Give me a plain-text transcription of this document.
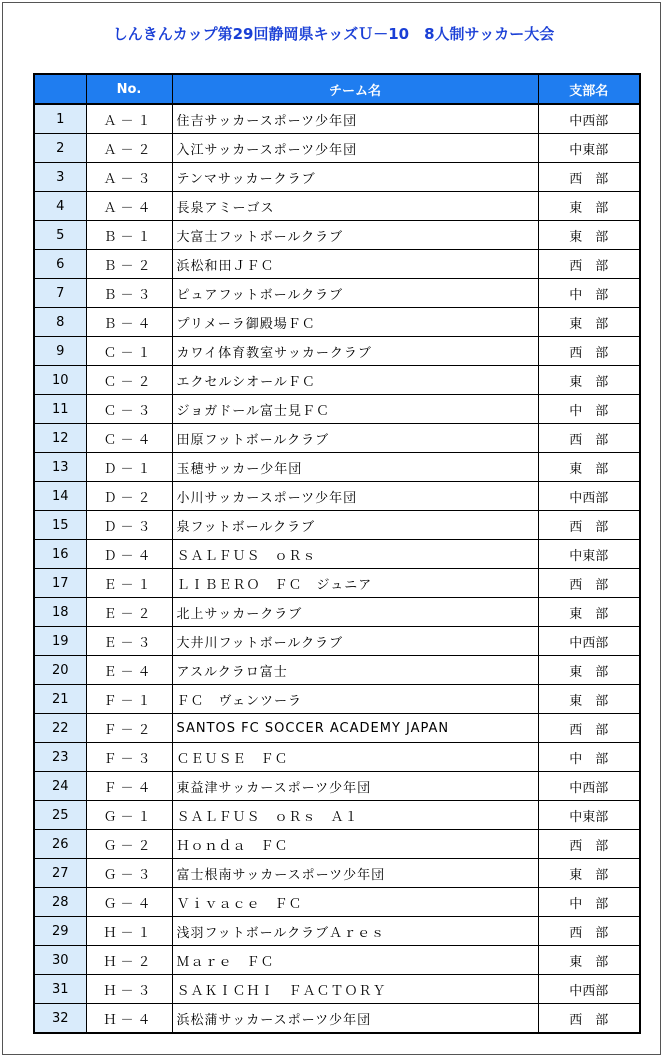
しんきんカップ第29回静岡県キッズＵ－10　8人制サッカー大会
	No.	チーム名	支部名
1	Ａ－１	住吉サッカースポーツ少年団	中西部
2	Ａ－２	入江サッカースポーツ少年団	中東部
3	Ａ－３	テンマサッカークラブ	西　部
4	Ａ－４	長泉アミーゴス	東　部
5	Ｂ－１	大富士フットボールクラブ	東　部
6	Ｂ－２	浜松和田ＪＦＣ	西　部
7	Ｂ－３	ピュアフットボールクラブ	中　部
8	Ｂ－４	プリメーラ御殿場ＦＣ	東　部
9	Ｃ－１	カワイ体育教室サッカークラブ	西　部
10	Ｃ－２	エクセルシオールＦＣ	東　部
11	Ｃ－３	ジョガドール富士見ＦＣ	中　部
12	Ｃ－４	田原フットボールクラブ	西　部
13	Ｄ－１	玉穂サッカー少年団	東　部
14	Ｄ－２	小川サッカースポーツ少年団	中西部
15	Ｄ－３	泉フットボールクラブ	西　部
16	Ｄ－４	ＳＡＬＦＵＳ　ｏＲｓ	中東部
17	Ｅ－１	ＬＩＢＥＲＯ　ＦＣ　ジュニア	西　部
18	Ｅ－２	北上サッカークラブ	東　部
19	Ｅ－３	大井川フットボールクラブ	中西部
20	Ｅ－４	アスルクラロ富士	東　部
21	Ｆ－１	ＦＣ　ヴェンツーラ	東　部
22	Ｆ－２	SANTOS FC SOCCER ACADEMY JAPAN	西　部
23	Ｆ－３	ＣＥＵＳＥ　ＦＣ	中　部
24	Ｆ－４	東益津サッカースポーツ少年団	中西部
25	Ｇ－１	ＳＡＬＦＵＳ　ｏＲｓ　Ａ１	中東部
26	Ｇ－２	Ｈｏｎｄａ　ＦＣ	西　部
27	Ｇ－３	富士根南サッカースポーツ少年団	東　部
28	Ｇ－４	Ｖｉｖａｃｅ　ＦＣ	中　部
29	Ｈ－１	浅羽フットボールクラブＡｒｅｓ	西　部
30	Ｈ－２	Ｍａｒｅ　ＦＣ	東　部
31	Ｈ－３	ＳＡＫＩＣＨＩ　ＦＡＣＴＯＲＹ	中西部
32	Ｈ－４	浜松蒲サッカースポーツ少年団	西　部
